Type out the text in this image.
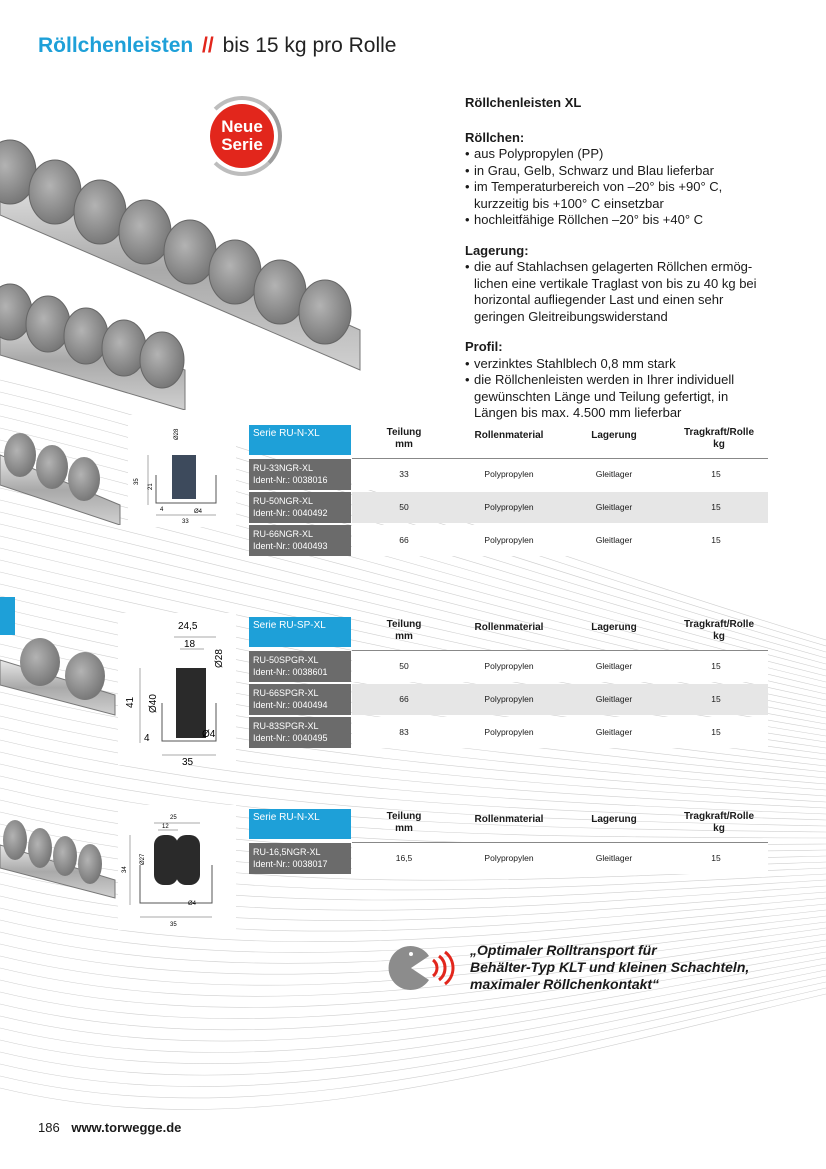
Röllchenleisten // bis 15 kg pro Rolle
Neue
Serie
Röllchenleisten XL
Röllchen:
• aus Polypropylen (PP)
• in Grau, Gelb, Schwarz und Blau lieferbar
• im Temperaturbereich von –20° bis +90° C, kurzzeitig bis +100° C einsetzbar
• hochleitfähige Röllchen –20° bis +40° C
Lagerung:
• die auf Stahlachsen gelagerten Röllchen ermög-lichen eine vertikale Traglast von bis zu 40 kg bei horizontal aufliegender Last und einen sehr geringen Gleitreibungswiderstand
Profil:
• verzinktes Stahlblech 0,8 mm stark
• die Röllchenleisten werden in Ihrer individuell gewünschten Länge und Teilung gefertigt, in Längen bis max. 4.500 mm lieferbar
Ø28
35
21
4	Ø4
33
24,5
18
Ø28
41 Ø40
4	Ø4
35
25
12
Ø27
34
Ø4
35
Serie RU-N-XL	Teilung
mm
Rollenmaterial	Lagerung	Tragkraft/Rolle
kg
RU-33NGR-XL
Ident-Nr.: 0038016
33	Polypropylen	Gleitlager	15
RU-50NGR-XL
Ident-Nr.: 0040492
50	Polypropylen	Gleitlager	15
RU-66NGR-XL
Ident-Nr.: 0040493
66	Polypropylen	Gleitlager	15
Serie RU-SP-XL	Teilung
mm
Rollenmaterial	Lagerung	Tragkraft/Rolle
kg
RU-50SPGR-XL
Ident-Nr.: 0038601
50	Polypropylen	Gleitlager	15
RU-66SPGR-XL
Ident-Nr.: 0040494
66	Polypropylen	Gleitlager	15
RU-83SPGR-XL
Ident-Nr.: 0040495
83	Polypropylen	Gleitlager	15
Serie RU-N-XL	Teilung
mm
Rollenmaterial	Lagerung	Tragkraft/Rolle
kg
RU-16,5NGR-XL
Ident-Nr.: 0038017
16,5	Polypropylen	Gleitlager	15
„Optimaler Rolltransport für
Behälter-Typ KLT und kleinen Schachteln,
maximaler Röllchenkontakt“
186 www.torwegge.de
